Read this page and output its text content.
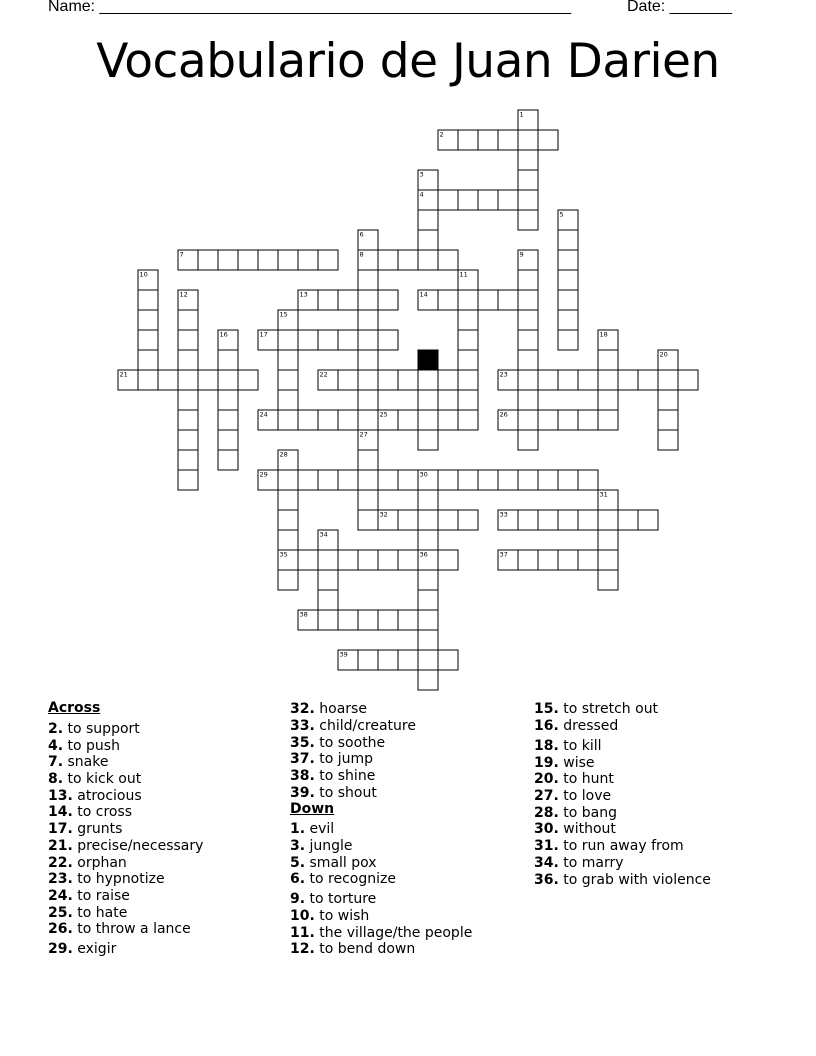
Name: _____________________________________________________	Date: _______
Vocabulario de Juan Darien
1
2
3
4
5
6
7	8	9
10	11
12	13	14
15
16	17	18
19	20
21	22	23
24	25	26
27
28
29	30
31
32	33
34
35	36	37
38
39
Across
2. to support
4. to push
7. snake
8. to kick out
13. atrocious
14. to cross
17. grunts
21. precise/necessary
22. orphan
23. to hypnotize
24. to raise
25. to hate
26. to throw a lance
29. exigir
32. hoarse
33. child/creature
35. to soothe
37. to jump
38. to shine
39. to shout
Down
1. evil
3. jungle
5. small pox
6. to recognize
9. to torture
10. to wish
11. the village/the people
12. to bend down
15. to stretch out
16. dressed
18. to kill
19. wise
20. to hunt
27. to love
28. to bang
30. without
31. to run away from
34. to marry
36. to grab with violence
